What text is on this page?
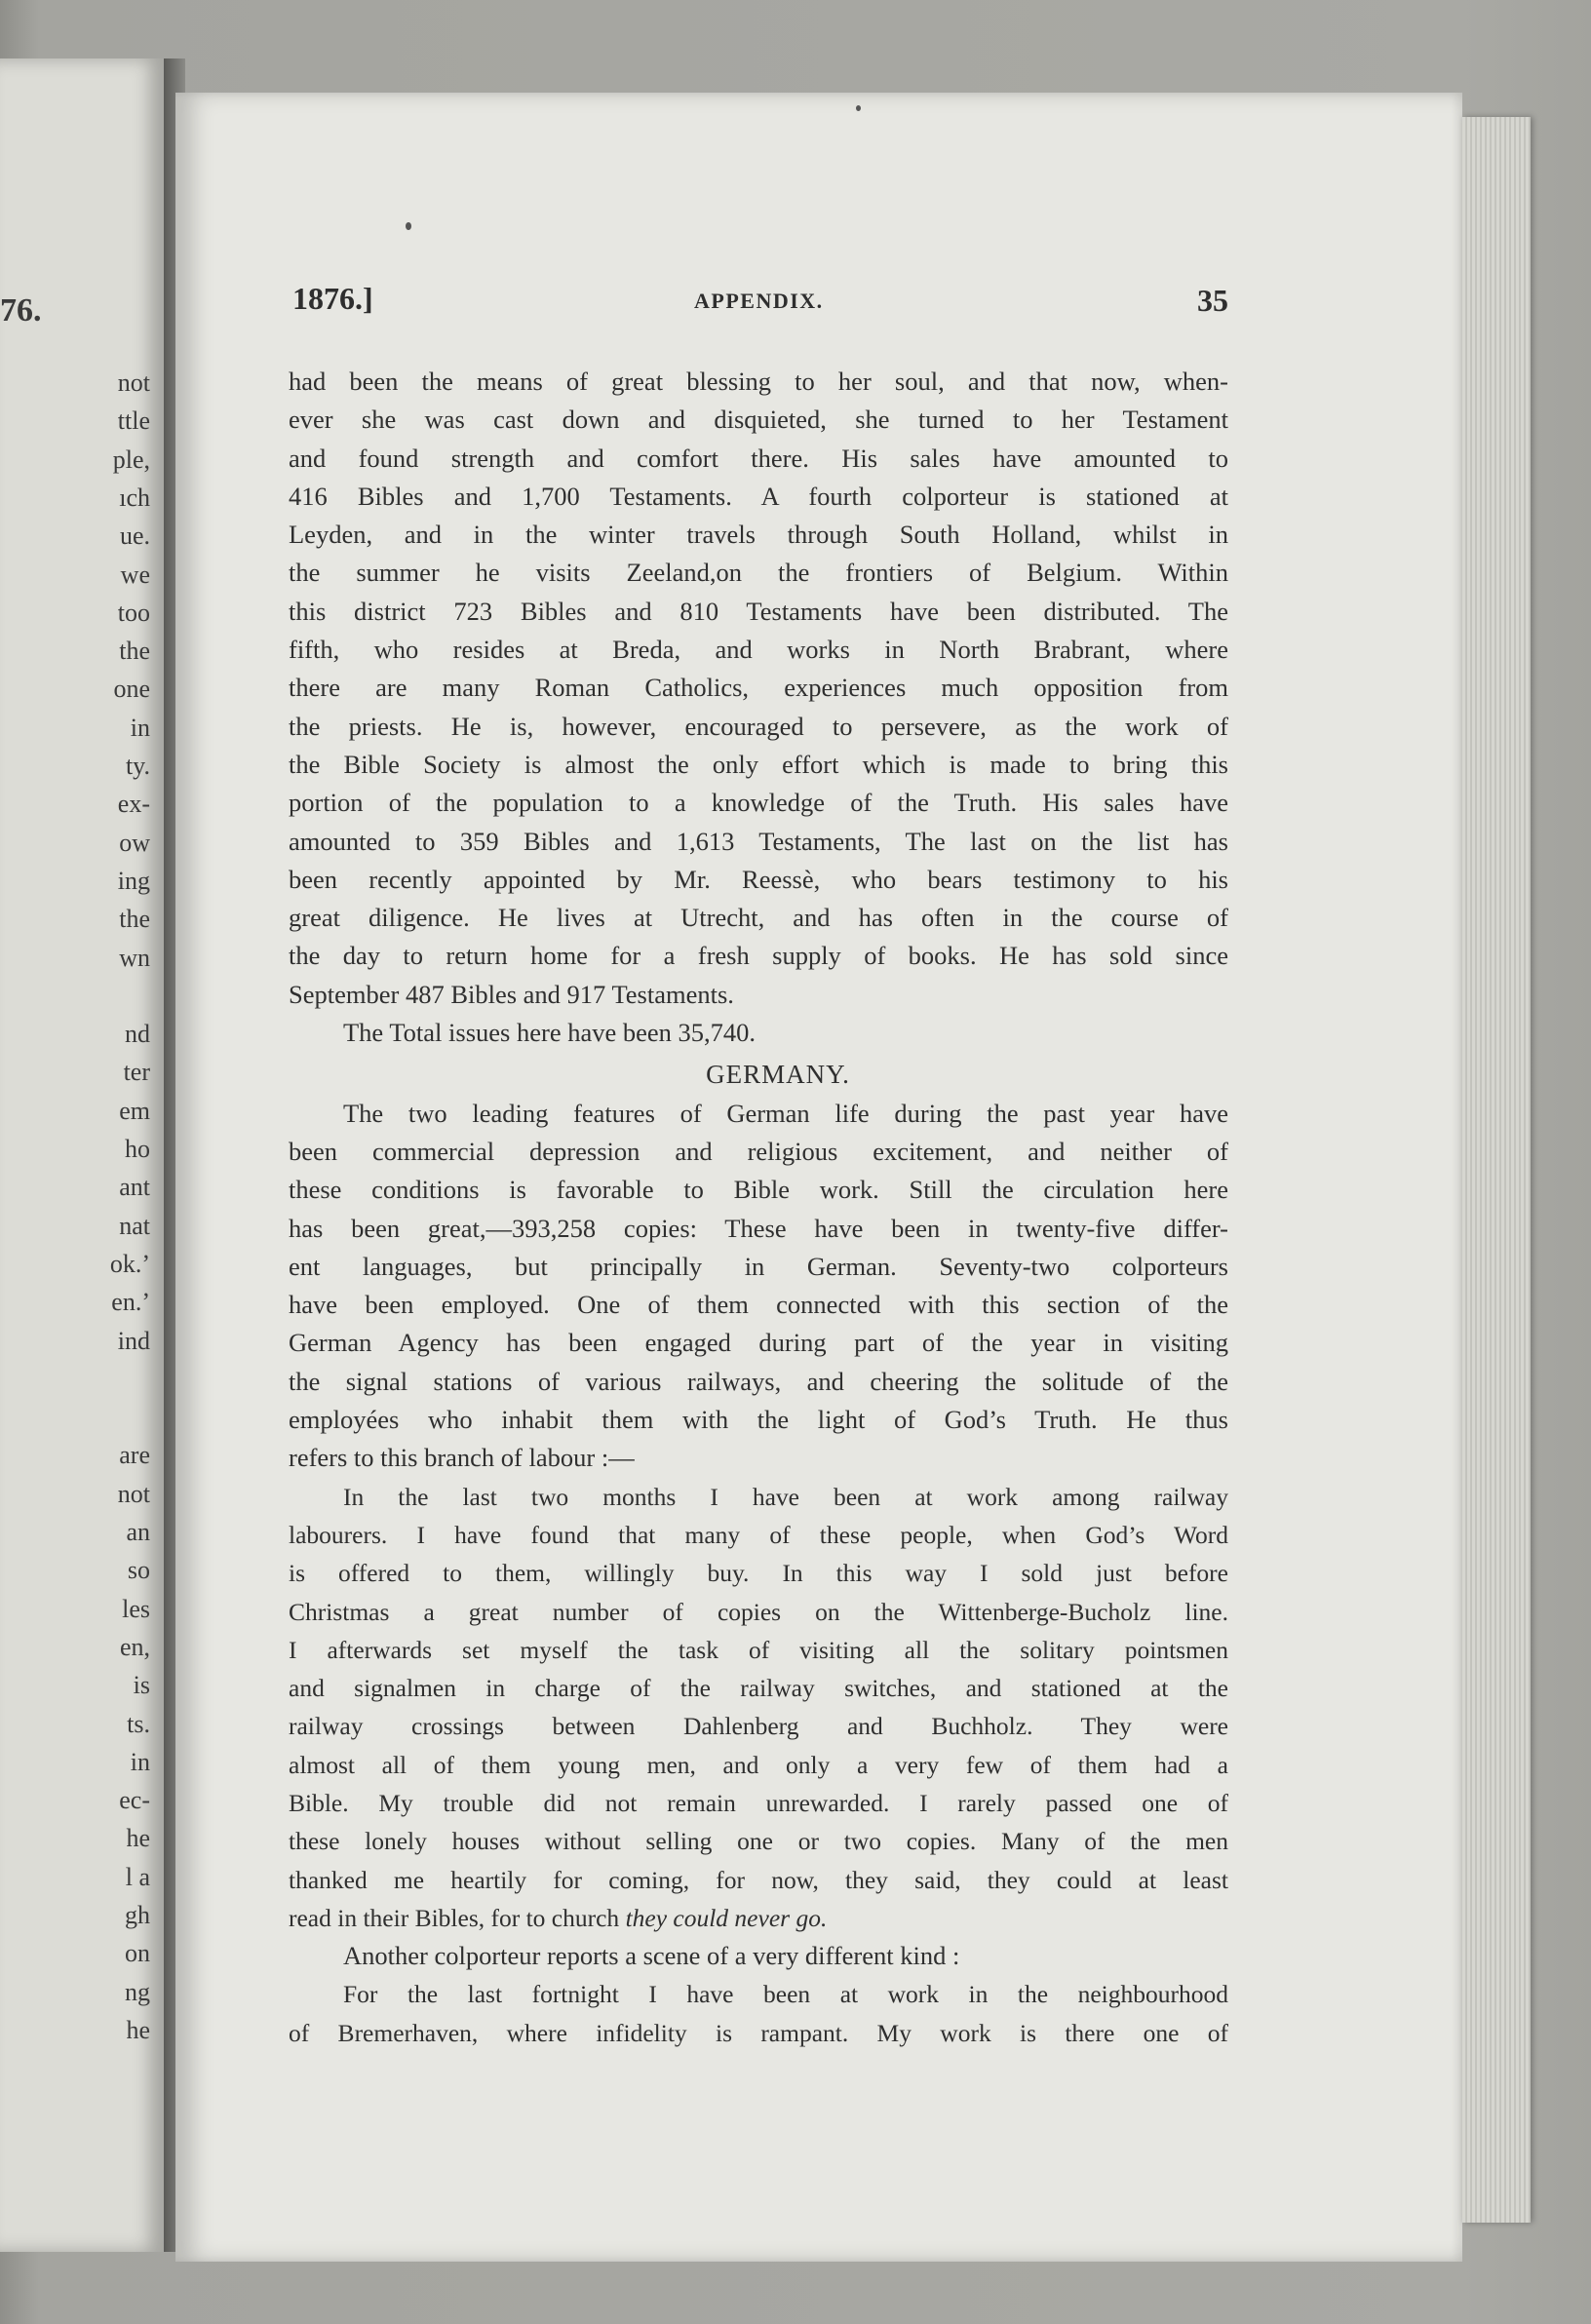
76.
not
ttle
ple,
ıch
ue.
we
too
the
one
in
ty.
ex-
ow
ing
the
wn
nd
ter
em
ho
ant
nat
ok.’
en.’
ind
are
not
an
so
les
en,
is
ts.
in
ec-
he
l a
gh
on
ng
he
1876.]	APPENDIX.	35

had been the means of great blessing to her soul, and that now, when-

ever she was cast down and disquieted, she turned to her Testament

and found strength and comfort there. His sales have amounted to

416 Bibles and 1,700 Testaments. A fourth colporteur is stationed at

Leyden, and in the winter travels through South Holland, whilst in

the summer he visits Zeeland,on the frontiers of Belgium. Within

this district 723 Bibles and 810 Testaments have been distributed. The

fifth, who resides at Breda, and works in North Brabrant, where

there are many Roman Catholics, experiences much opposition from

the priests. He is, however, encouraged to persevere, as the work of

the Bible Society is almost the only effort which is made to bring this

portion of the population to a knowledge of the Truth. His sales have

amounted to 359 Bibles and 1,613 Testaments, The last on the list has

been recently appointed by Mr. Reessè, who bears testimony to his

great diligence. He lives at Utrecht, and has often in the course of

the day to return home for a fresh supply of books. He has sold since

September 487 Bibles and 917 Testaments.

The Total issues here have been 35,740.

GERMANY.

The two leading features of German life during the past year have

been commercial depression and religious excitement, and neither of

these conditions is favorable to Bible work. Still the circulation here

has been great,—393,258 copies: These have been in twenty-five differ-

ent languages, but principally in German. Seventy-two colporteurs

have been employed. One of them connected with this section of the

German Agency has been engaged during part of the year in visiting

the signal stations of various railways, and cheering the solitude of the

employées who inhabit them with the light of God’s Truth. He thus

refers to this branch of labour :—

In the last two months I have been at work among railway

labourers. I have found that many of these people, when God’s Word

is offered to them, willingly buy. In this way I sold just before

Christmas a great number of copies on the Wittenberge-Bucholz line.

I afterwards set myself the task of visiting all the solitary pointsmen

and signalmen in charge of the railway switches, and stationed at the

railway crossings between Dahlenberg and Buchholz. They were

almost all of them young men, and only a very few of them had a

Bible. My trouble did not remain unrewarded. I rarely passed one of

these lonely houses without selling one or two copies. Many of the men

thanked me heartily for coming, for now, they said, they could at least

read in their Bibles, for to church they could never go.

Another colporteur reports a scene of a very different kind :

For the last fortnight I have been at work in the neighbourhood

of Bremerhaven, where infidelity is rampant. My work is there one of
